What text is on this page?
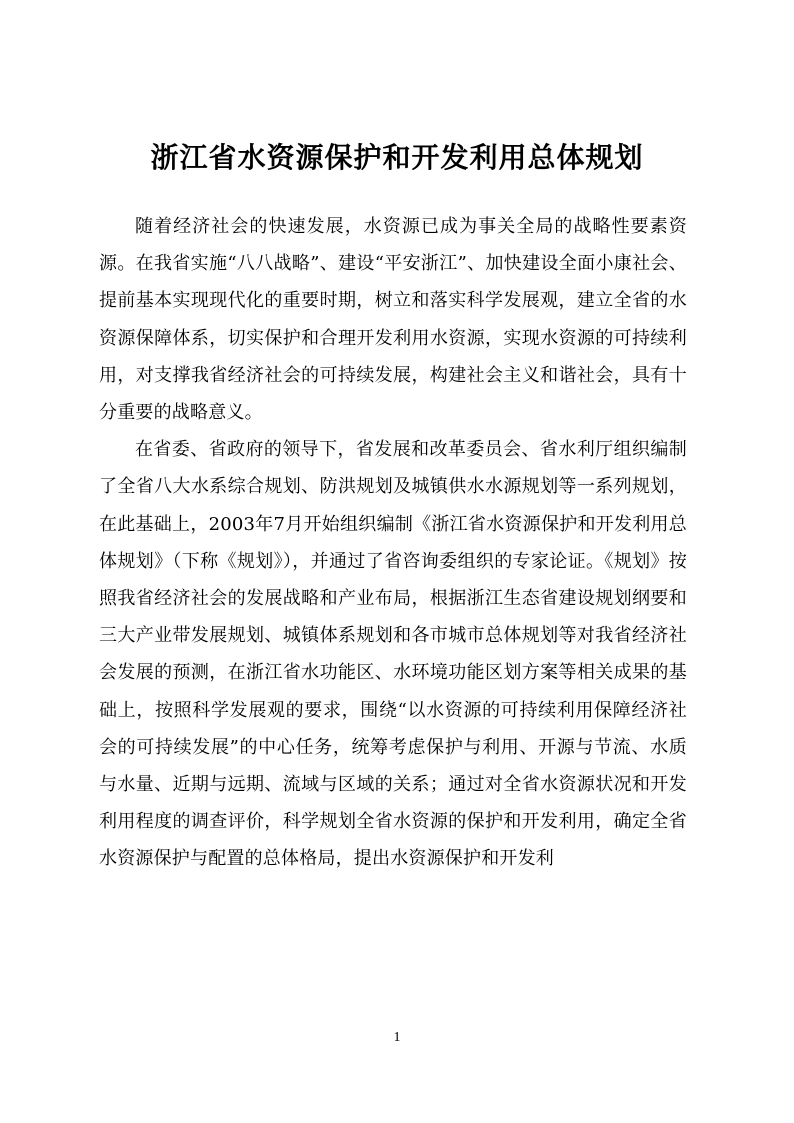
浙江省水资源保护和开发利用总体规划

随着经济社会的快速发展，水资源已成为事关全局的战略性要素资源。在我省实施“八八战略”、建设“平安浙江”、加快建设全面小康社会、提前基本实现现代化的重要时期，树立和落实科学发展观，建立全省的水资源保障体系，切实保护和合理开发利用水资源，实现水资源的可持续利用，对支撑我省经济社会的可持续发展，构建社会主义和谐社会，具有十分重要的战略意义。

在省委、省政府的领导下，省发展和改革委员会、省水利厅组织编制了全省八大水系综合规划、防洪规划及城镇供水水源规划等一系列规划，在此基础上，2003年7月开始组织编制《浙江省水资源保护和开发利用总体规划》（下称《规划》），并通过了省咨询委组织的专家论证。《规划》按照我省经济社会的发展战略和产业布局，根据浙江生态省建设规划纲要和三大产业带发展规划、城镇体系规划和各市城市总体规划等对我省经济社会发展的预测，在浙江省水功能区、水环境功能区划方案等相关成果的基础上，按照科学发展观的要求，围绕“以水资源的可持续利用保障经济社会的可持续发展”的中心任务，统筹考虑保护与利用、开源与节流、水质与水量、近期与远期、流域与区域的关系；通过对全省水资源状况和开发利用程度的调查评价，科学规划全省水资源的保护和开发利用，确定全省水资源保护与配置的总体格局，提出水资源保护和开发利

1
